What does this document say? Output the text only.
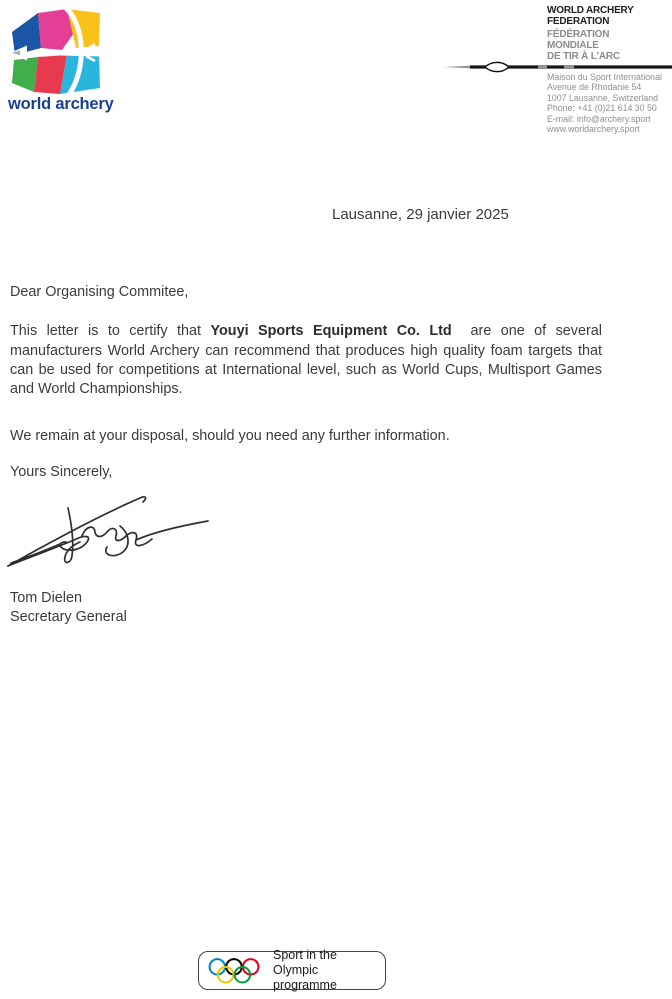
world archery
WORLD ARCHERY
FEDERATION
FÉDÉRATION
MONDIALE
DE TIR À L'ARC
Maison du Sport International
Avenue de Rhodanie 54
1007 Lausanne, Switzerland
Phone: +41 (0)21 614 30 50
E-mail: info@archery.sport
www.worldarchery.sport
Lausanne, 29 janvier 2025

Dear Organising Commitee,

This letter is to certify that Youyi Sports Equipment Co. Ltd  are one of several manufacturers World Archery can recommend that produces high quality foam targets that can be used for competitions at International level, such as World Cups, Multisport Games and World Championships.

We remain at your disposal, should you need any further information.

Yours Sincerely,

Tom Dielen
Secretary General
Sport in the
Olympic programme
